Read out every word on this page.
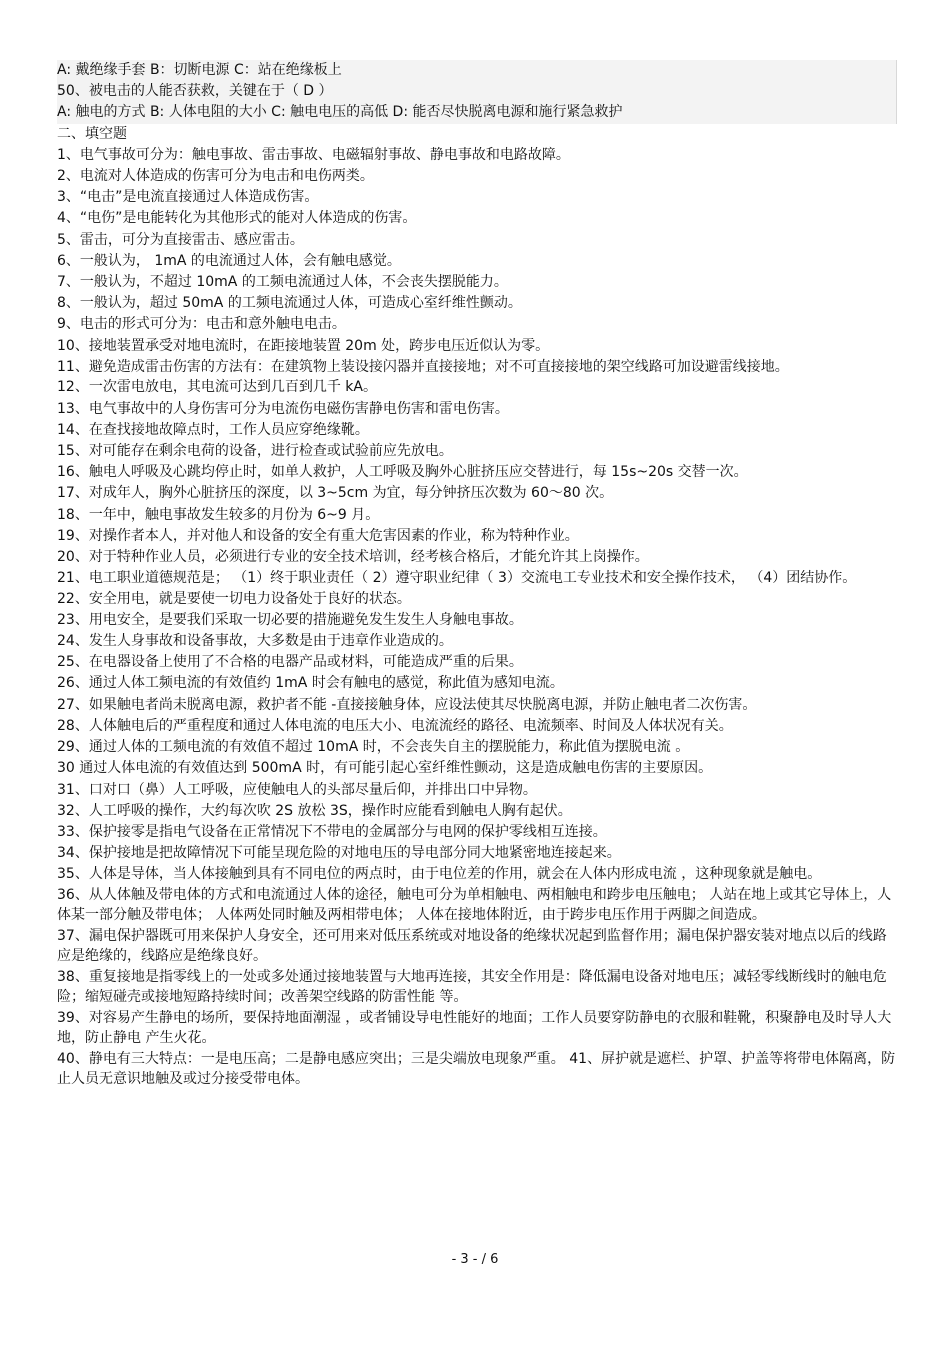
A: 戴绝缘手套 B：切断电源 C：站在绝缘板上
50、被电击的人能否获救，关键在于（ D ）
A: 触电的方式 B: 人体电阻的大小 C: 触电电压的高低 D: 能否尽快脱离电源和施行紧急救护
二、填空题
1、电气事故可分为：触电事故、雷击事故、电磁辐射事故、静电事故和电路故障。
2、电流对人体造成的伤害可分为电击和电伤两类。
3、“电击”是电流直接通过人体造成伤害。
4、“电伤”是电能转化为其他形式的能对人体造成的伤害。
5、雷击，可分为直接雷击、感应雷击。
6、一般认为， 1mA 的电流通过人体，会有触电感觉。
7、一般认为，不超过 10mA 的工频电流通过人体，不会丧失摆脱能力。
8、一般认为，超过 50mA 的工频电流通过人体，可造成心室纤维性颤动。
9、电击的形式可分为：电击和意外触电电击。
10、接地装置承受对地电流时，在距接地装置 20m 处，跨步电压近似认为零。
11、避免造成雷击伤害的方法有：在建筑物上装设接闪器并直接接地；对不可直接接地的架空线路可加设避雷线接地。
12、一次雷电放电，其电流可达到几百到几千 kA。
13、电气事故中的人身伤害可分为电流伤电磁伤害静电伤害和雷电伤害。
14、在查找接地故障点时，工作人员应穿绝缘靴。
15、对可能存在剩余电荷的设备，进行检查或试验前应先放电。
16、触电人呼吸及心跳均停止时，如单人救护，人工呼吸及胸外心脏挤压应交替进行，每 15s~20s 交替一次。
17、对成年人，胸外心脏挤压的深度，以 3~5cm 为宜，每分钟挤压次数为 60～80 次。
18、一年中，触电事故发生较多的月份为 6~9 月。
19、对操作者本人，并对他人和设备的安全有重大危害因素的作业，称为特种作业。
20、对于特种作业人员，必须进行专业的安全技术培训，经考核合格后，才能允许其上岗操作。
21、电工职业道德规范是； （1）终于职业责任（ 2）遵守职业纪律（ 3）交流电工专业技术和安全操作技术， （4）团结协作。
22、安全用电，就是要使一切电力设备处于良好的状态。
23、用电安全，是要我们采取一切必要的措施避免发生发生人身触电事故。
24、发生人身事故和设备事故，大多数是由于违章作业造成的。
25、在电器设备上使用了不合格的电器产品或材料，可能造成严重的后果。
26、通过人体工频电流的有效值约 1mA 时会有触电的感觉，称此值为感知电流。
27、如果触电者尚未脱离电源，救护者不能 -直接接触身体，应设法使其尽快脱离电源，并防止触电者二次伤害。
28、人体触电后的严重程度和通过人体电流的电压大小、电流流经的路径、电流频率、时间及人体状况有关。
29、通过人体的工频电流的有效值不超过 10mA 时，不会丧失自主的摆脱能力，称此值为摆脱电流 。
30 通过人体电流的有效值达到 500mA 时，有可能引起心室纤维性颤动，这是造成触电伤害的主要原因。
31、口对口（鼻）人工呼吸，应使触电人的头部尽量后仰，并排出口中异物。
32、人工呼吸的操作，大约每次吹 2S 放松 3S，操作时应能看到触电人胸有起伏。
33、保护接零是指电气设备在正常情况下不带电的金属部分与电网的保护零线相互连接。
34、保护接地是把故障情况下可能呈现危险的对地电压的导电部分同大地紧密地连接起来。
35、人体是导体，当人体接触到具有不同电位的两点时，由于电位差的作用，就会在人体内形成电流 ，这种现象就是触电。
36、从人体触及带电体的方式和电流通过人体的途径，触电可分为单相触电、两相触电和跨步电压触电； 人站在地上或其它导体上，人体某一部分触及带电体； 人体两处同时触及两相带电体； 人体在接地体附近，由于跨步电压作用于两脚之间造成。
37、漏电保护器既可用来保护人身安全，还可用来对低压系统或对地设备的绝缘状况起到监督作用；漏电保护器安装对地点以后的线路应是绝缘的，线路应是绝缘良好。
38、重复接地是指零线上的一处或多处通过接地装置与大地再连接，其安全作用是：降低漏电设备对地电压；减轻零线断线时的触电危险；缩短碰壳或接地短路持续时间；改善架空线路的防雷性能 等。
39、对容易产生静电的场所，要保持地面潮湿 ，或者铺设导电性能好的地面；工作人员要穿防静电的衣服和鞋靴，积聚静电及时导人大地，防止静电 产生火花。
40、静电有三大特点：一是电压高；二是静电感应突出；三是尖端放电现象严重。 41、屏护就是遮栏、护罩、护盖等将带电体隔离，防止人员无意识地触及或过分接受带电体。
- 3 - / 6
